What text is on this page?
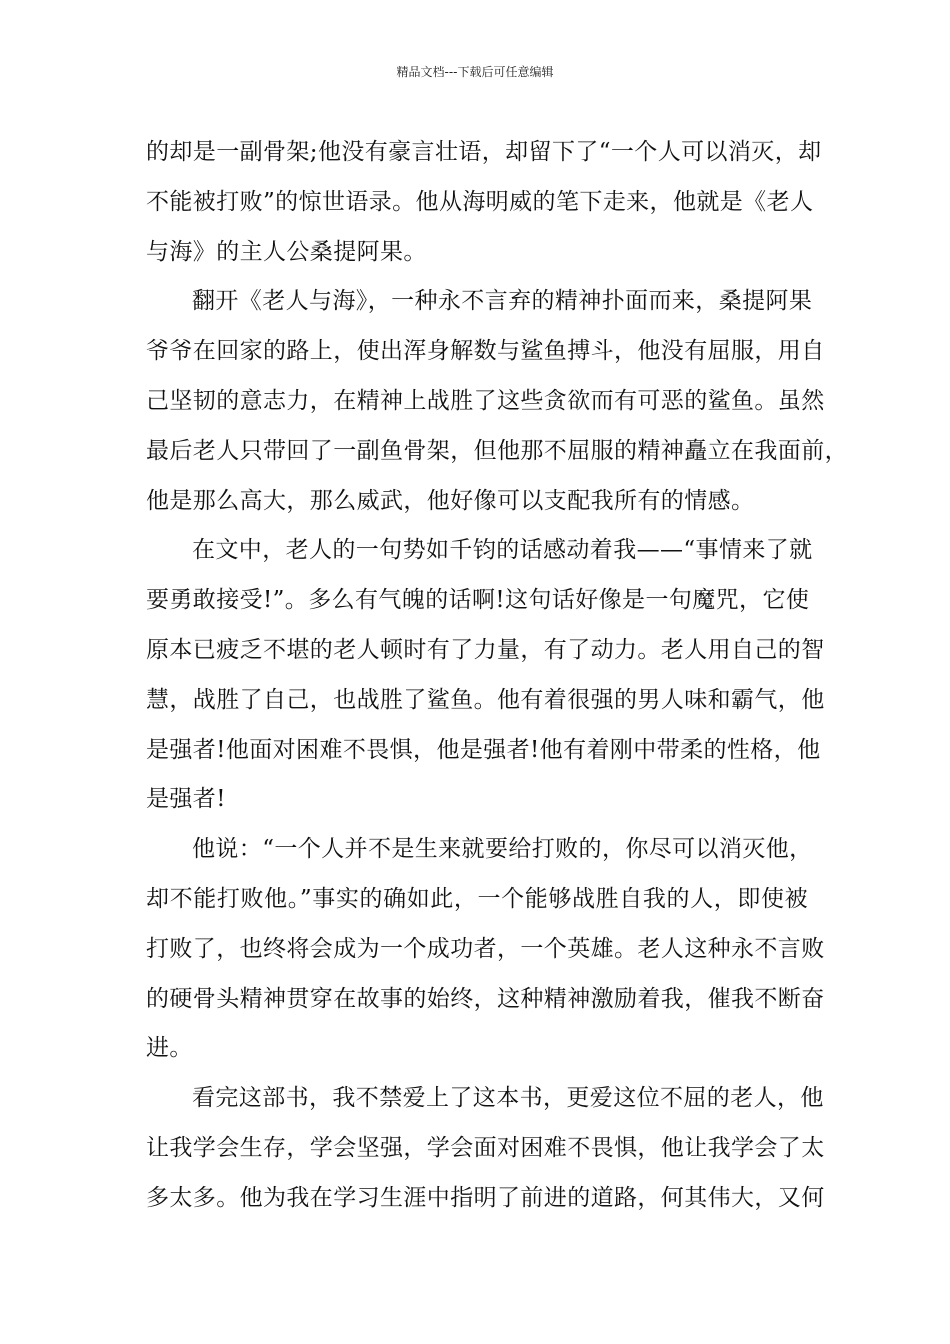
精品文档---下载后可任意编辑
的却是一副骨架;他没有豪言壮语，却留下了“一个人可以消灭，却
不能被打败”的惊世语录。他从海明威的笔下走来，他就是《老人
与海》的主人公桑提阿果。
翻开《老人与海》，一种永不言弃的精神扑面而来，桑提阿果
爷爷在回家的路上，使出浑身解数与鲨鱼搏斗，他没有屈服，用自
己坚韧的意志力，在精神上战胜了这些贪欲而有可恶的鲨鱼。虽然
最后老人只带回了一副鱼骨架，但他那不屈服的精神矗立在我面前，
他是那么高大，那么威武，他好像可以支配我所有的情感。
在文中，老人的一句势如千钧的话感动着我——“事情来了就
要勇敢接受!”。多么有气魄的话啊!这句话好像是一句魔咒，它使
原本已疲乏不堪的老人顿时有了力量，有了动力。老人用自己的智
慧，战胜了自己，也战胜了鲨鱼。他有着很强的男人味和霸气，他
是强者!他面对困难不畏惧，他是强者!他有着刚中带柔的性格，他
是强者!
他说：“一个人并不是生来就要给打败的，你尽可以消灭他，
却不能打败他。”事实的确如此，一个能够战胜自我的人，即使被
打败了，也终将会成为一个成功者，一个英雄。老人这种永不言败
的硬骨头精神贯穿在故事的始终，这种精神激励着我，催我不断奋
进。
看完这部书，我不禁爱上了这本书，更爱这位不屈的老人，他
让我学会生存，学会坚强，学会面对困难不畏惧，他让我学会了太
多太多。他为我在学习生涯中指明了前进的道路，何其伟大，又何
